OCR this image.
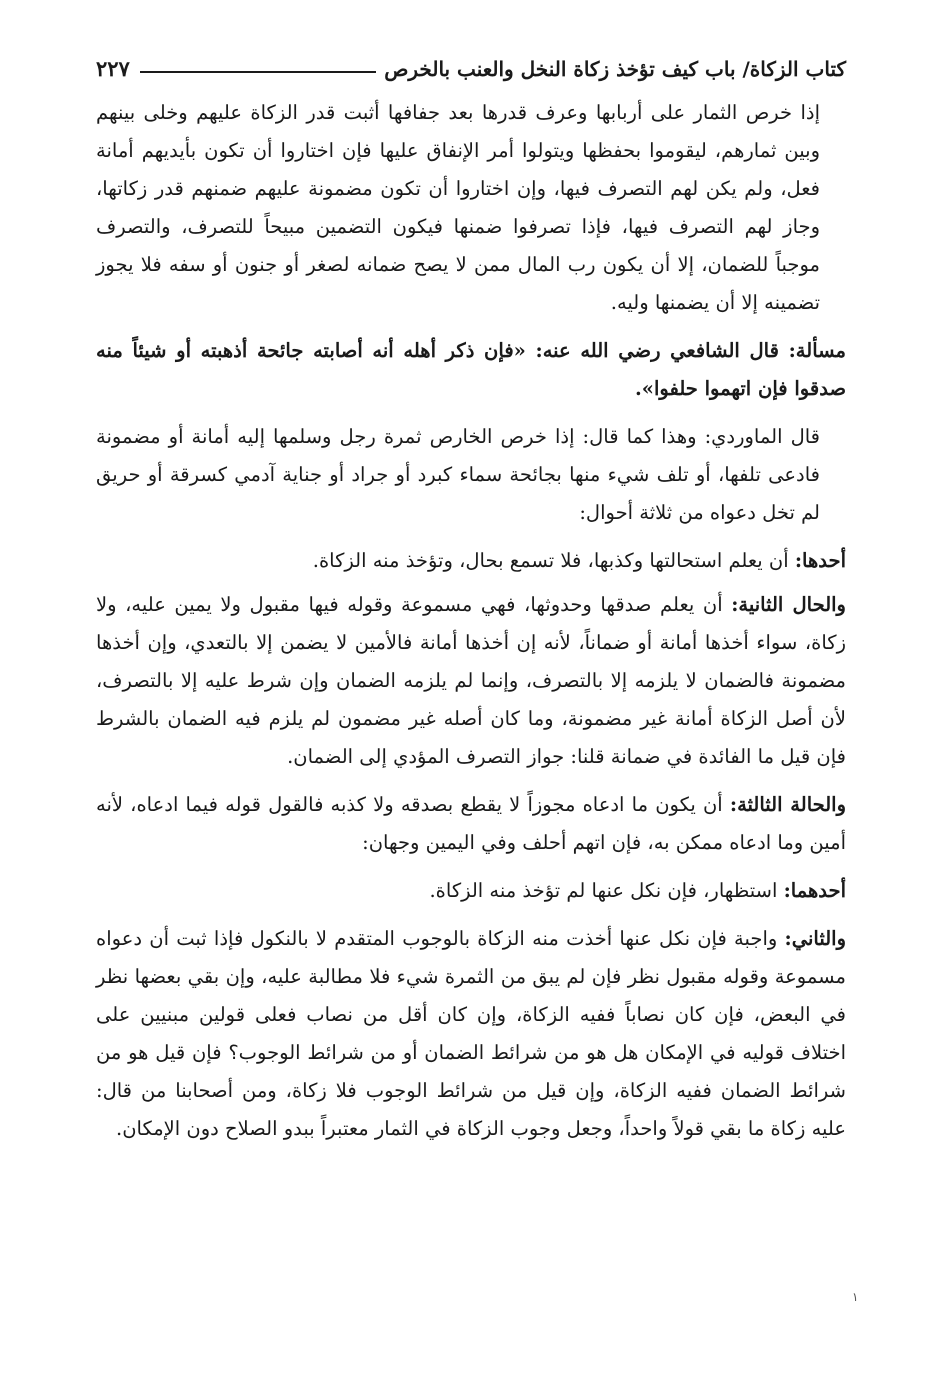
كتاب الزكاة/ باب كيف تؤخذ زكاة النخل والعنب بالخرص
٢٢٧

إذا خرص الثمار على أربابها وعرف قدرها بعد جفافها أثبت قدر الزكاة عليهم وخلى بينهم وبين ثمارهم، ليقوموا بحفظها ويتولوا أمر الإنفاق عليها فإن اختاروا أن تكون بأيديهم أمانة فعل، ولم يكن لهم التصرف فيها، وإن اختاروا أن تكون مضمونة عليهم ضمنهم قدر زكاتها، وجاز لهم التصرف فيها، فإذا تصرفوا ضمنها فيكون التضمين مبيحاً للتصرف، والتصرف موجباً للضمان، إلا أن يكون رب المال ممن لا يصح ضمانه لصغر أو جنون أو سفه فلا يجوز تضمينه إلا أن يضمنها وليه.

مسألة: قال الشافعي رضي الله عنه: «فإن ذكر أهله أنه أصابته جائحة أذهبته أو شيئاً منه صدقوا فإن اتهموا حلفوا».

قال الماوردي: وهذا كما قال: إذا خرص الخارص ثمرة رجل وسلمها إليه أمانة أو مضمونة فادعى تلفها، أو تلف شيء منها بجائحة سماء كبرد أو جراد أو جناية آدمي كسرقة أو حريق لم تخل دعواه من ثلاثة أحوال:

أحدها: أن يعلم استحالتها وكذبها، فلا تسمع بحال، وتؤخذ منه الزكاة.

والحال الثانية: أن يعلم صدقها وحدوثها، فهي مسموعة وقوله فيها مقبول ولا يمين عليه، ولا زكاة، سواء أخذها أمانة أو ضماناً، لأنه إن أخذها أمانة فالأمين لا يضمن إلا بالتعدي، وإن أخذها مضمونة فالضمان لا يلزمه إلا بالتصرف، وإنما لم يلزمه الضمان وإن شرط عليه إلا بالتصرف، لأن أصل الزكاة أمانة غير مضمونة، وما كان أصله غير مضمون لم يلزم فيه الضمان بالشرط فإن قيل ما الفائدة في ضمانة قلنا: جواز التصرف المؤدي إلى الضمان.

والحالة الثالثة: أن يكون ما ادعاه مجوزاً لا يقطع بصدقه ولا كذبه فالقول قوله فيما ادعاه، لأنه أمين وما ادعاه ممكن به، فإن اتهم أحلف وفي اليمين وجهان:

أحدهما: استظهار، فإن نكل عنها لم تؤخذ منه الزكاة.

والثاني: واجبة فإن نكل عنها أخذت منه الزكاة بالوجوب المتقدم لا بالنكول فإذا ثبت أن دعواه مسموعة وقوله مقبول نظر فإن لم يبق من الثمرة شيء فلا مطالبة عليه، وإن بقي بعضها نظر في البعض، فإن كان نصاباً ففيه الزكاة، وإن كان أقل من نصاب فعلى قولين مبنيين على اختلاف قوليه في الإمكان هل هو من شرائط الضمان أو من شرائط الوجوب؟ فإن قيل هو من شرائط الضمان ففيه الزكاة، وإن قيل من شرائط الوجوب فلا زكاة، ومن أصحابنا من قال: عليه زكاة ما بقي قولاً واحداً، وجعل وجوب الزكاة في الثمار معتبراً ببدو الصلاح دون الإمكان.

١
